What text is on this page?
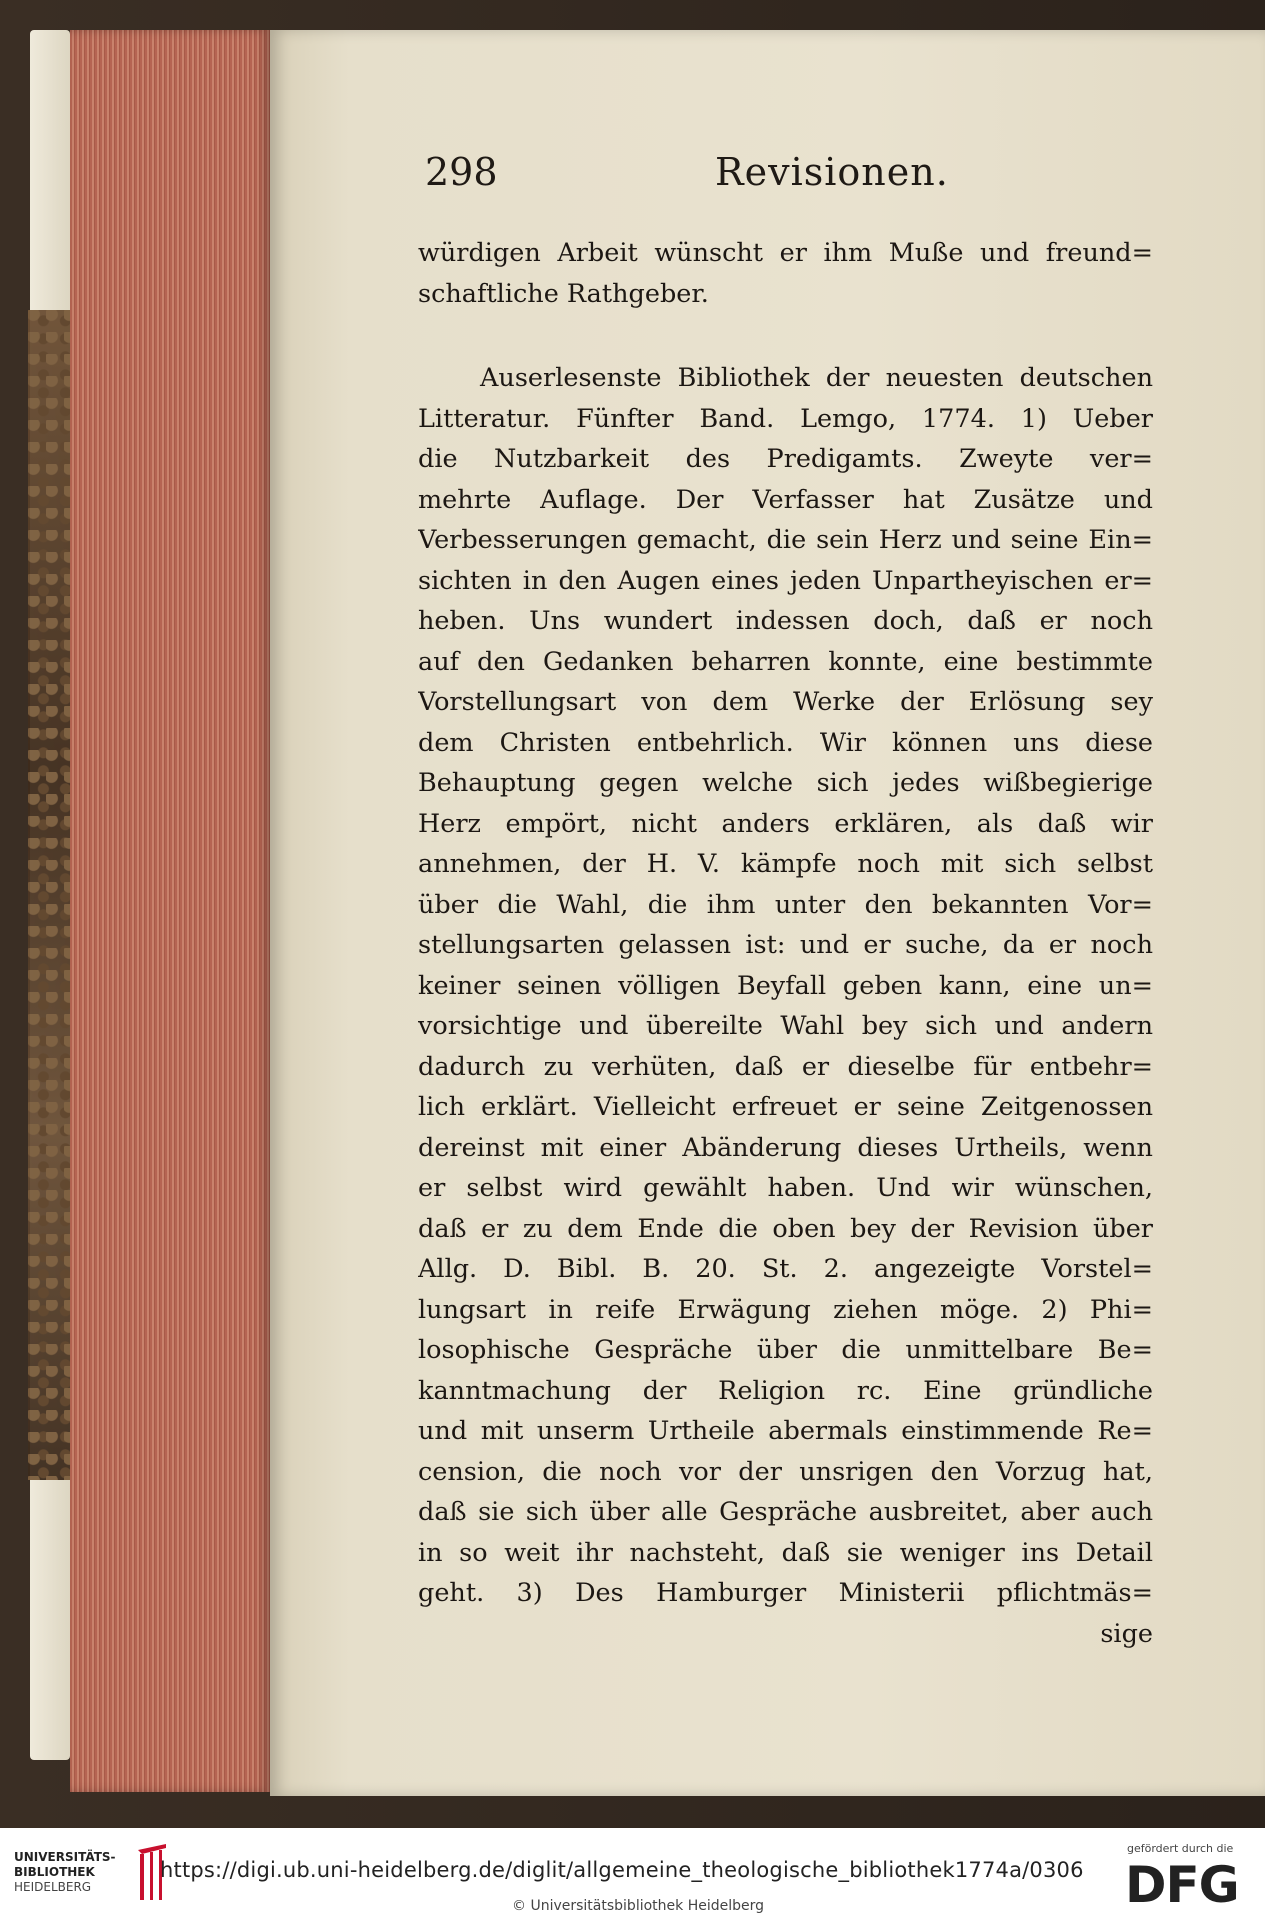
298	Revisionen.
würdigen Arbeit wünscht er ihm Muße und freund=
schaftliche Rathgeber.
Auserlesenste Bibliothek der neuesten deutschen
Litteratur. Fünfter Band. Lemgo, 1774. 1) Ueber
die Nutzbarkeit des Predigamts. Zweyte ver=
mehrte Auflage. Der Verfasser hat Zusätze und
Verbesserungen gemacht, die sein Herz und seine Ein=
sichten in den Augen eines jeden Unpartheyischen er=
heben. Uns wundert indessen doch, daß er noch
auf den Gedanken beharren konnte, eine bestimmte
Vorstellungsart von dem Werke der Erlösung sey
dem Christen entbehrlich. Wir können uns diese
Behauptung gegen welche sich jedes wißbegierige
Herz empört, nicht anders erklären, als daß wir
annehmen, der H. V. kämpfe noch mit sich selbst
über die Wahl, die ihm unter den bekannten Vor=
stellungsarten gelassen ist: und er suche, da er noch
keiner seinen völligen Beyfall geben kann, eine un=
vorsichtige und übereilte Wahl bey sich und andern
dadurch zu verhüten, daß er dieselbe für entbehr=
lich erklärt. Vielleicht erfreuet er seine Zeitgenossen
dereinst mit einer Abänderung dieses Urtheils, wenn
er selbst wird gewählt haben. Und wir wünschen,
daß er zu dem Ende die oben bey der Revision über
Allg. D. Bibl. B. 20. St. 2. angezeigte Vorstel=
lungsart in reife Erwägung ziehen möge. 2) Phi=
losophische Gespräche über die unmittelbare Be=
kanntmachung der Religion rc. Eine gründliche
und mit unserm Urtheile abermals einstimmende Re=
cension, die noch vor der unsrigen den Vorzug hat,
daß sie sich über alle Gespräche ausbreitet, aber auch
in so weit ihr nachsteht, daß sie weniger ins Detail
geht. 3) Des Hamburger Ministerii pflichtmäs=
sige
UNIVERSITÄTS-
BIBLIOTHEK
HEIDELBERG
https://digi.ub.uni-heidelberg.de/diglit/allgemeine_theologische_bibliothek1774a/0306
© Universitätsbibliothek Heidelberg
gefördert durch die
DFG
